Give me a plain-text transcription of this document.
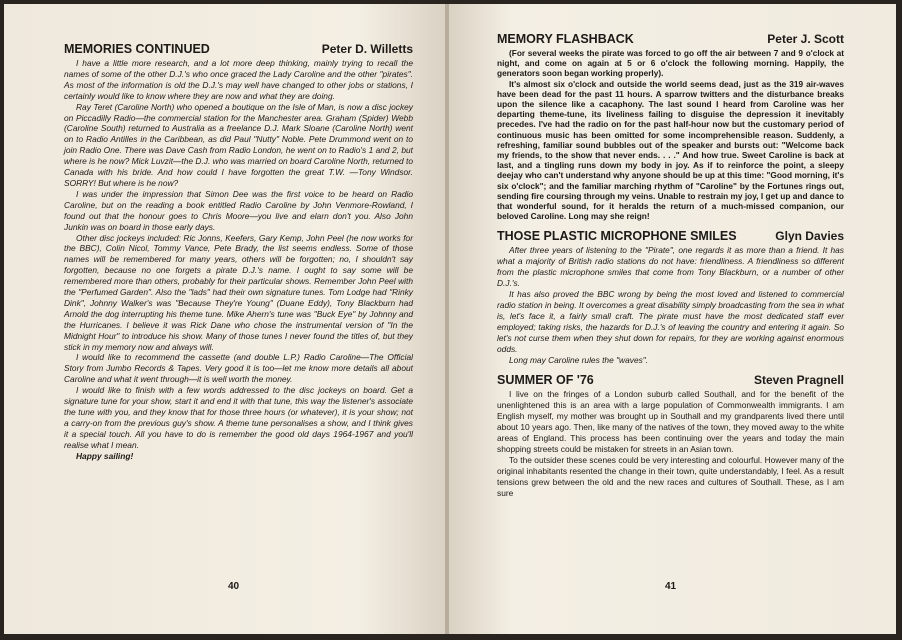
MEMORIES CONTINUED	Peter D. Willetts

I have a little more research, and a lot more deep thinking, mainly trying to recall the names of some of the other D.J.'s who once graced the Lady Caroline and the other "pirates". As most of the information is old the D.J.'s may well have changed to other jobs or stations, I certainly would like to know where they are now and what they are doing.

Ray Teret (Caroline North) who opened a boutique on the Isle of Man, is now a disc jockey on Piccadilly Radio—the commercial station for the Manchester area. Graham (Spider) Webb (Caroline South) returned to Australia as a freelance D.J. Mark Sloane (Caroline North) went on to Radio Antilles in the Caribbean, as did Paul "Nutty" Noble. Pete Drummond went on to join Radio One. There was Dave Cash from Radio London, he went on to Radio's 1 and 2, but where is he now? Mick Luvzit—the D.J. who was married on board Caroline North, returned to Canada with his bride. And how could I have forgotten the great T.W. —Tony Windsor. SORRY! But where is he now?

I was under the impression that Simon Dee was the first voice to be heard on Radio Caroline, but on the reading a book entitled Radio Caroline by John Venmore-Rowland, I found out that the honour goes to Chris Moore—you live and elarn don't you. Also John Junkin was on board in those early days.

Other disc jockeys included: Ric Jonns, Keefers, Gary Kemp, John Peel (he now works for the BBC), Colin Nicol, Tommy Vance, Pete Brady, the list seems endless. Some of those names will be remembered for many years, others will be forgotten; no, I shouldn't say forgotten, because no one forgets a pirate D.J.'s name. I ought to say some will be remembered more than others, probably for their particular shows. Remember John Peel with the "Perfumed Garden". Also the "lads" had their own signature tunes. Tom Lodge had "Rinky Dink", Johnny Walker's was "Because They're Young" (Duane Eddy), Tony Blackburn had Arnold the dog interrupting his theme tune. Mike Ahern's tune was "Buck Eye" by Johnny and the Hurricanes. I believe it was Rick Dane who chose the instrumental version of "In the Midnight Hour" to introduce his show. Many of those tunes I never found the titles of, but they stick in my memory now and always will.

I would like to recommend the cassette (and double L.P.) Radio Caroline—The Official Story from Jumbo Records & Tapes. Very good it is too—let me know more details all about Caroline and what it went through—it is well worth the money.

I would like to finish with a few words addressed to the disc jockeys on board. Get a signature tune for your show, start it and end it with that tune, this way the listener's associate the tune with you, and they know that for those three hours (or whatever), it is your show; not a carry-on from the previous guy's show. A theme tune personalises a show, and I think gives it a special touch. All you have to do is remember the good old days 1964-1967 and you'll realise what I mean.

Happy sailing!

40
MEMORY FLASHBACK	Peter J. Scott

(For several weeks the pirate was forced to go off the air between 7 and 9 o'clock at night, and come on again at 5 or 6 o'clock the following morning. Happily, the generators soon began working properly).

It's almost six o'clock and outside the world seems dead, just as the 319 air-waves have been dead for the past 11 hours. A sparrow twitters and the disturbance breaks upon the silence like a cacaphony. The last sound I heard from Caroline was her departing theme-tune, its liveliness failing to disguise the depression it inevitably precedes. I've had the radio on for the past half-hour now but the customary period of continuous music has been omitted for some incomprehensible reason. Suddenly, a refreshing, familiar sound bubbles out of the speaker and bursts out: "Welcome back my friends, to the show that never ends. . . ." And how true. Sweet Caroline is back at last, and a tingling runs down my body in joy. As if to reinforce the point, a sleepy deejay who can't understand why anyone should be up at this time: "Good morning, it's six o'clock"; and the familiar marching rhythm of "Caroline" by the Fortunes rings out, sending fire coursing through my veins. Unable to restrain my joy, I get up and dance to that wonderful sound, for it heralds the return of a much-missed companion, our beloved Caroline. Long may she reign!

THOSE PLASTIC MICROPHONE SMILES	Glyn Davies

After three years of listening to the "Pirate", one regards it as more than a friend. It has what a majority of British radio stations do not have: friendliness. A friendliness so different from the plastic microphone smiles that come from Tony Blackburn, or a number of other D.J.'s.

It has also proved the BBC wrong by being the most loved and listened to commercial radio station in being. It overcomes a great disability simply broadcasting from the sea in what is, let's face it, a fairly small craft. The pirate must have the most dedicated staff ever employed; taking risks, the hazards for D.J.'s of leaving the country and entering it again. So let's not curse them when they shut down for repairs, for they are working against enormous odds.

Long may Caroline rules the "waves".

SUMMER OF '76	Steven Pragnell

I live on the fringes of a London suburb called Southall, and for the benefit of the unenlightened this is an area with a large population of Commonwealth immigrants. I am English myself, my mother was brought up in Southall and my grandparents lived there until about 10 years ago. Then, like many of the natives of the town, they moved away to the white areas of England. This process has been continuing over the years and today the main shopping streets could be mistaken for streets in an Asian town.

To the outsider these scenes could be very interesting and colourful. However many of the original inhabitants resented the change in their town, quite understandably, I feel. As a result tensions grew between the old and the new races and cultures of Southall. These, as I am sure

41
